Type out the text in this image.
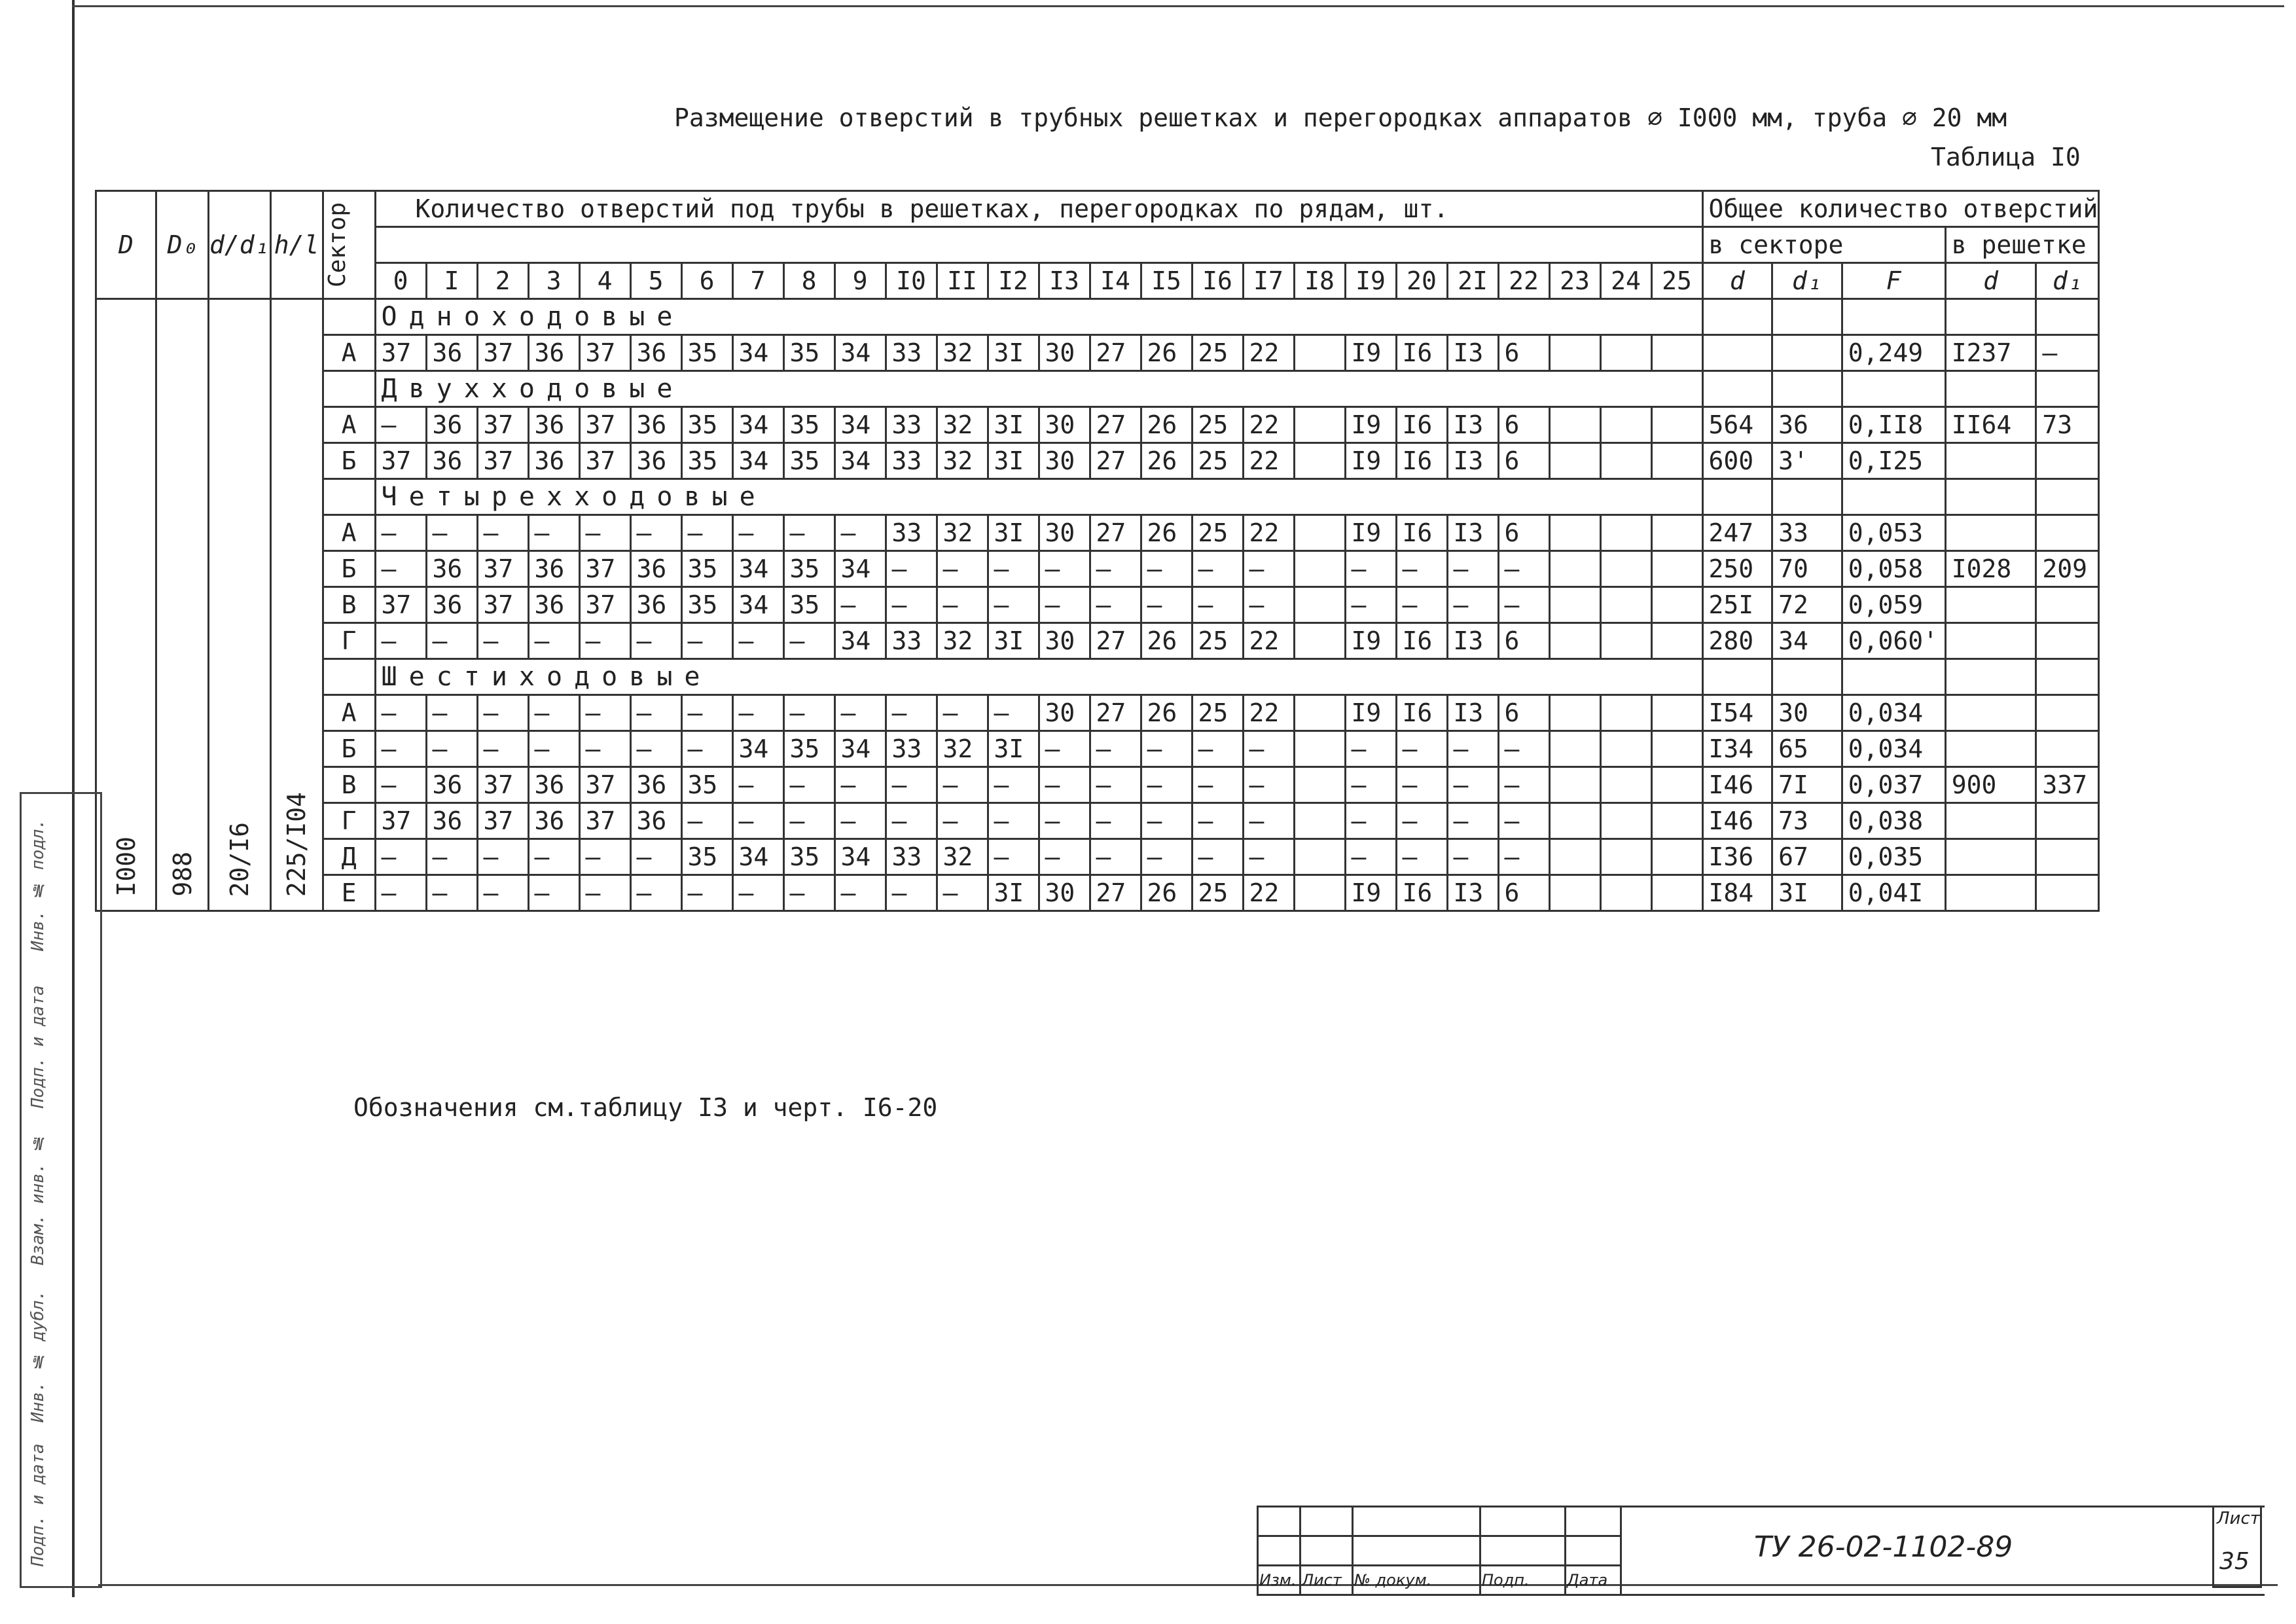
Размещение отверстий в трубных решетках и перегородках аппаратов ∅ I000 мм, труба ∅ 20 мм
Таблица I0
D	D₀	d/d₁	h/l	Сектор	Количество отверстий под трубы в решетках, перегородках по рядам, шт.																										Общее количество отверстий				
																															в секторе			в решетке	
					0	I	2	3	4	5	6	7	8	9	I0	II	I2	I3	I4	I5	I6	I7	I8	I9	20	2I	22	23	24	25	d	d₁	F	d	d₁

I000	988	20/I6	225/I04		Одноходовые																														
				А	37	36	37	36	37	36	35	34	35	34	33	32	3I	30	27	26	25	22		I9	I6	I3	6						0,249	I237	–
					Двухходовые																														
				А	–	36	37	36	37	36	35	34	35	34	33	32	3I	30	27	26	25	22		I9	I6	I3	6				564	36	0,II8	II64	73
				Б	37	36	37	36	37	36	35	34	35	34	33	32	3I	30	27	26	25	22		I9	I6	I3	6				600	3'	0,I25		
					Четырехходовые																														
				А	–	–	–	–	–	–	–	–	–	–	33	32	3I	30	27	26	25	22		I9	I6	I3	6				247	33	0,053		
				Б	–	36	37	36	37	36	35	34	35	34	–	–	–	–	–	–	–	–		–	–	–	–				250	70	0,058	I028	209
				В	37	36	37	36	37	36	35	34	35	–	–	–	–	–	–	–	–	–		–	–	–	–				25I	72	0,059		
				Г	–	–	–	–	–	–	–	–	–	34	33	32	3I	30	27	26	25	22		I9	I6	I3	6				280	34	0,060'		
					Шестиходовые																														
				А	–	–	–	–	–	–	–	–	–	–	–	–	–	30	27	26	25	22		I9	I6	I3	6				I54	30	0,034		
				Б	–	–	–	–	–	–	–	34	35	34	33	32	3I	–	–	–	–	–		–	–	–	–				I34	65	0,034		
				В	–	36	37	36	37	36	35	–	–	–	–	–	–	–	–	–	–	–		–	–	–	–				I46	7I	0,037	900	337
				Г	37	36	37	36	37	36	–	–	–	–	–	–	–	–	–	–	–	–		–	–	–	–				I46	73	0,038		
				Д	–	–	–	–	–	–	35	34	35	34	33	32	–	–	–	–	–	–		–	–	–	–				I36	67	0,035		
				Е	–	–	–	–	–	–	–	–	–	–	–	–	3I	30	27	26	25	22		I9	I6	I3	6				I84	3I	0,04I		
Обозначения см.таблицу I3 и черт. I6-20
Инв. № подл.
Подп. и дата
Взам. инв. №
Инв. № дубл.
Подп. и дата

Изм.	Лист	№ докум.	Подп.	Дата	
ТУ 26-02-1102-89
Лист
35
